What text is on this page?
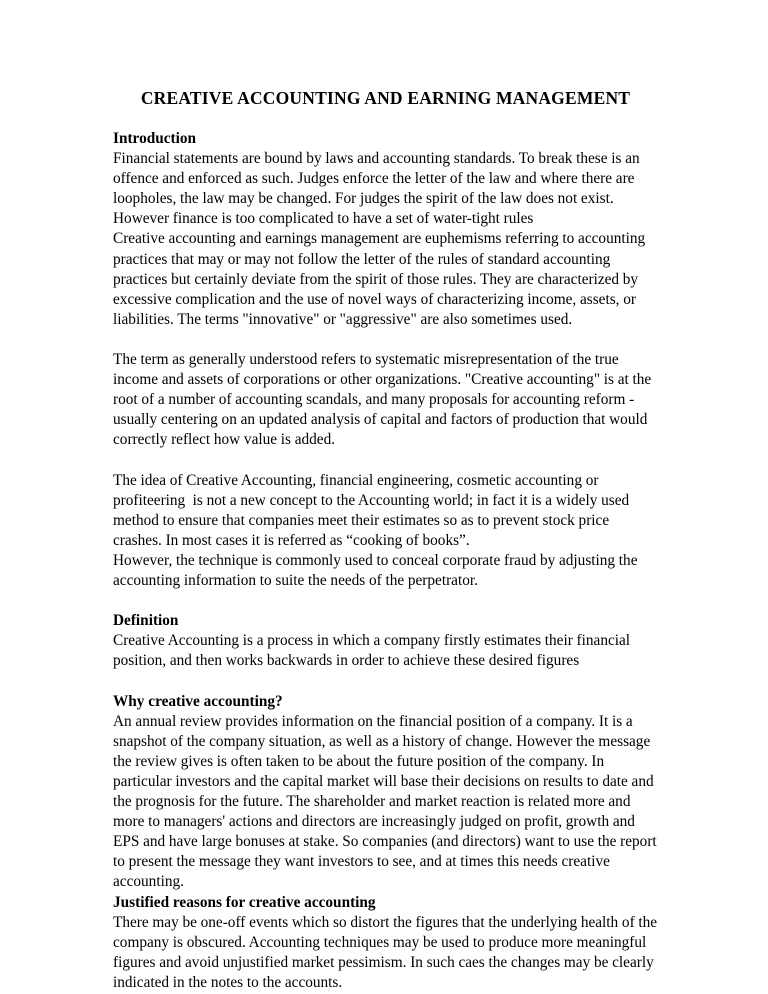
CREATIVE ACCOUNTING AND EARNING MANAGEMENT
Introduction

Financial statements are bound by laws and accounting standards. To break these is an offence and enforced as such. Judges enforce the letter of the law and where there are loopholes, the law may be changed. For judges the spirit of the law does not exist. However finance is too complicated to have a set of water-tight rules

Creative accounting and earnings management are euphemisms referring to accounting practices that may or may not follow the letter of the rules of standard accounting practices but certainly deviate from the spirit of those rules. They are characterized by excessive complication and the use of novel ways of characterizing income, assets, or liabilities. The terms "innovative" or "aggressive" are also sometimes used.

The term as generally understood refers to systematic misrepresentation of the true income and assets of corporations or other organizations. "Creative accounting" is at the root of a number of accounting scandals, and many proposals for accounting reform - usually centering on an updated analysis of capital and factors of production that would correctly reflect how value is added.

The idea of Creative Accounting, financial engineering, cosmetic accounting or profiteering  is not a new concept to the Accounting world; in fact it is a widely used method to ensure that companies meet their estimates so as to prevent stock price crashes. In most cases it is referred as “cooking of books”.

However, the technique is commonly used to conceal corporate fraud by adjusting the accounting information to suite the needs of the perpetrator.

Definition

Creative Accounting is a process in which a company firstly estimates their financial position, and then works backwards in order to achieve these desired figures

Why creative accounting?

An annual review provides information on the financial position of a company. It is a snapshot of the company situation, as well as a history of change. However the message the review gives is often taken to be about the future position of the company. In particular investors and the capital market will base their decisions on results to date and the prognosis for the future. The shareholder and market reaction is related more and more to managers' actions and directors are increasingly judged on profit, growth and EPS and have large bonuses at stake. So companies (and directors) want to use the report to present the message they want investors to see, and at times this needs creative accounting.

Justified reasons for creative accounting

There may be one-off events which so distort the figures that the underlying health of the company is obscured. Accounting techniques may be used to produce more meaningful figures and avoid unjustified market pessimism. In such caes the changes may be clearly indicated in the notes to the accounts.
